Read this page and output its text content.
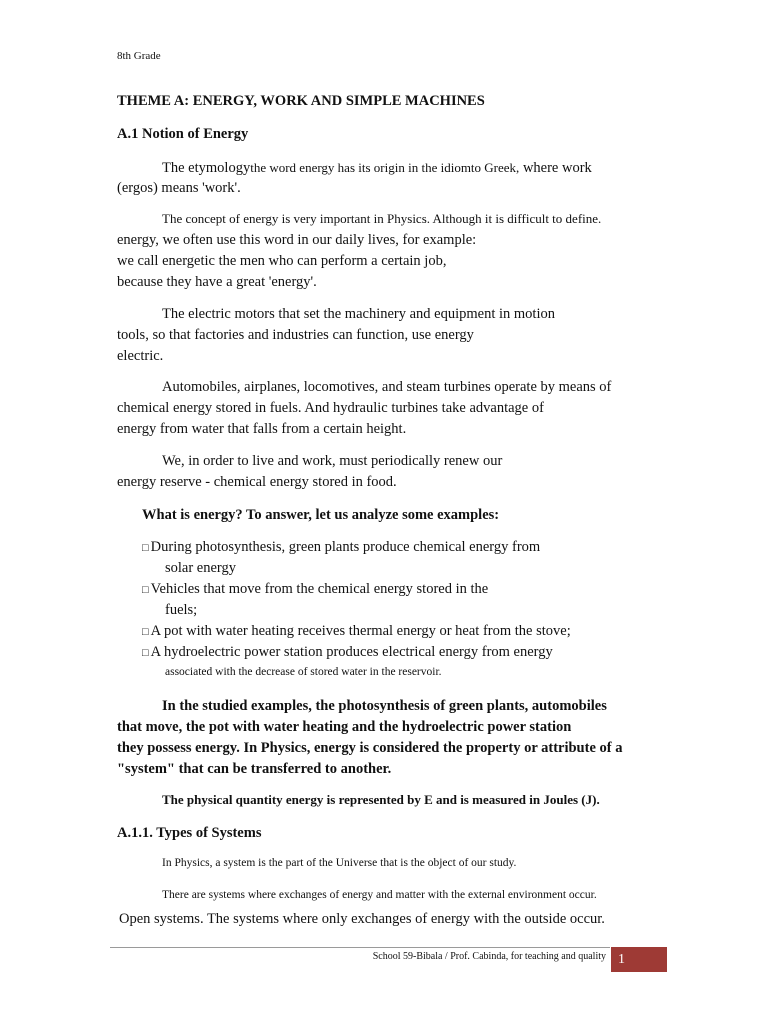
8th Grade
THEME A: ENERGY, WORK AND SIMPLE MACHINES
A.1 Notion of Energy
The etymologythe word energy has its origin in the idiomto Greek, where work
(ergos) means 'work'.
The concept of energy is very important in Physics. Although it is difficult to define.
energy, we often use this word in our daily lives, for example:
we call energetic the men who can perform a certain job,
because they have a great 'energy'.
The electric motors that set the machinery and equipment in motion
tools, so that factories and industries can function, use energy
electric.
Automobiles, airplanes, locomotives, and steam turbines operate by means of
chemical energy stored in fuels. And hydraulic turbines take advantage of
energy from water that falls from a certain height.
We, in order to live and work, must periodically renew our
energy reserve - chemical energy stored in food.
What is energy? To answer, let us analyze some examples:
□ During photosynthesis, green plants produce chemical energy from
solar energy
□ Vehicles that move from the chemical energy stored in the
fuels;
□ A pot with water heating receives thermal energy or heat from the stove;
□ A hydroelectric power station produces electrical energy from energy
associated with the decrease of stored water in the reservoir.
In the studied examples, the photosynthesis of green plants, automobiles
that move, the pot with water heating and the hydroelectric power station
they possess energy. In Physics, energy is considered the property or attribute of a
"system" that can be transferred to another.
The physical quantity energy is represented by E and is measured in Joules (J).
A.1.1. Types of Systems
In Physics, a system is the part of the Universe that is the object of our study.
There are systems where exchanges of energy and matter with the external environment occur.
Open systems. The systems where only exchanges of energy with the outside occur.
School 59-Bibala / Prof. Cabinda, for teaching and quality 1
